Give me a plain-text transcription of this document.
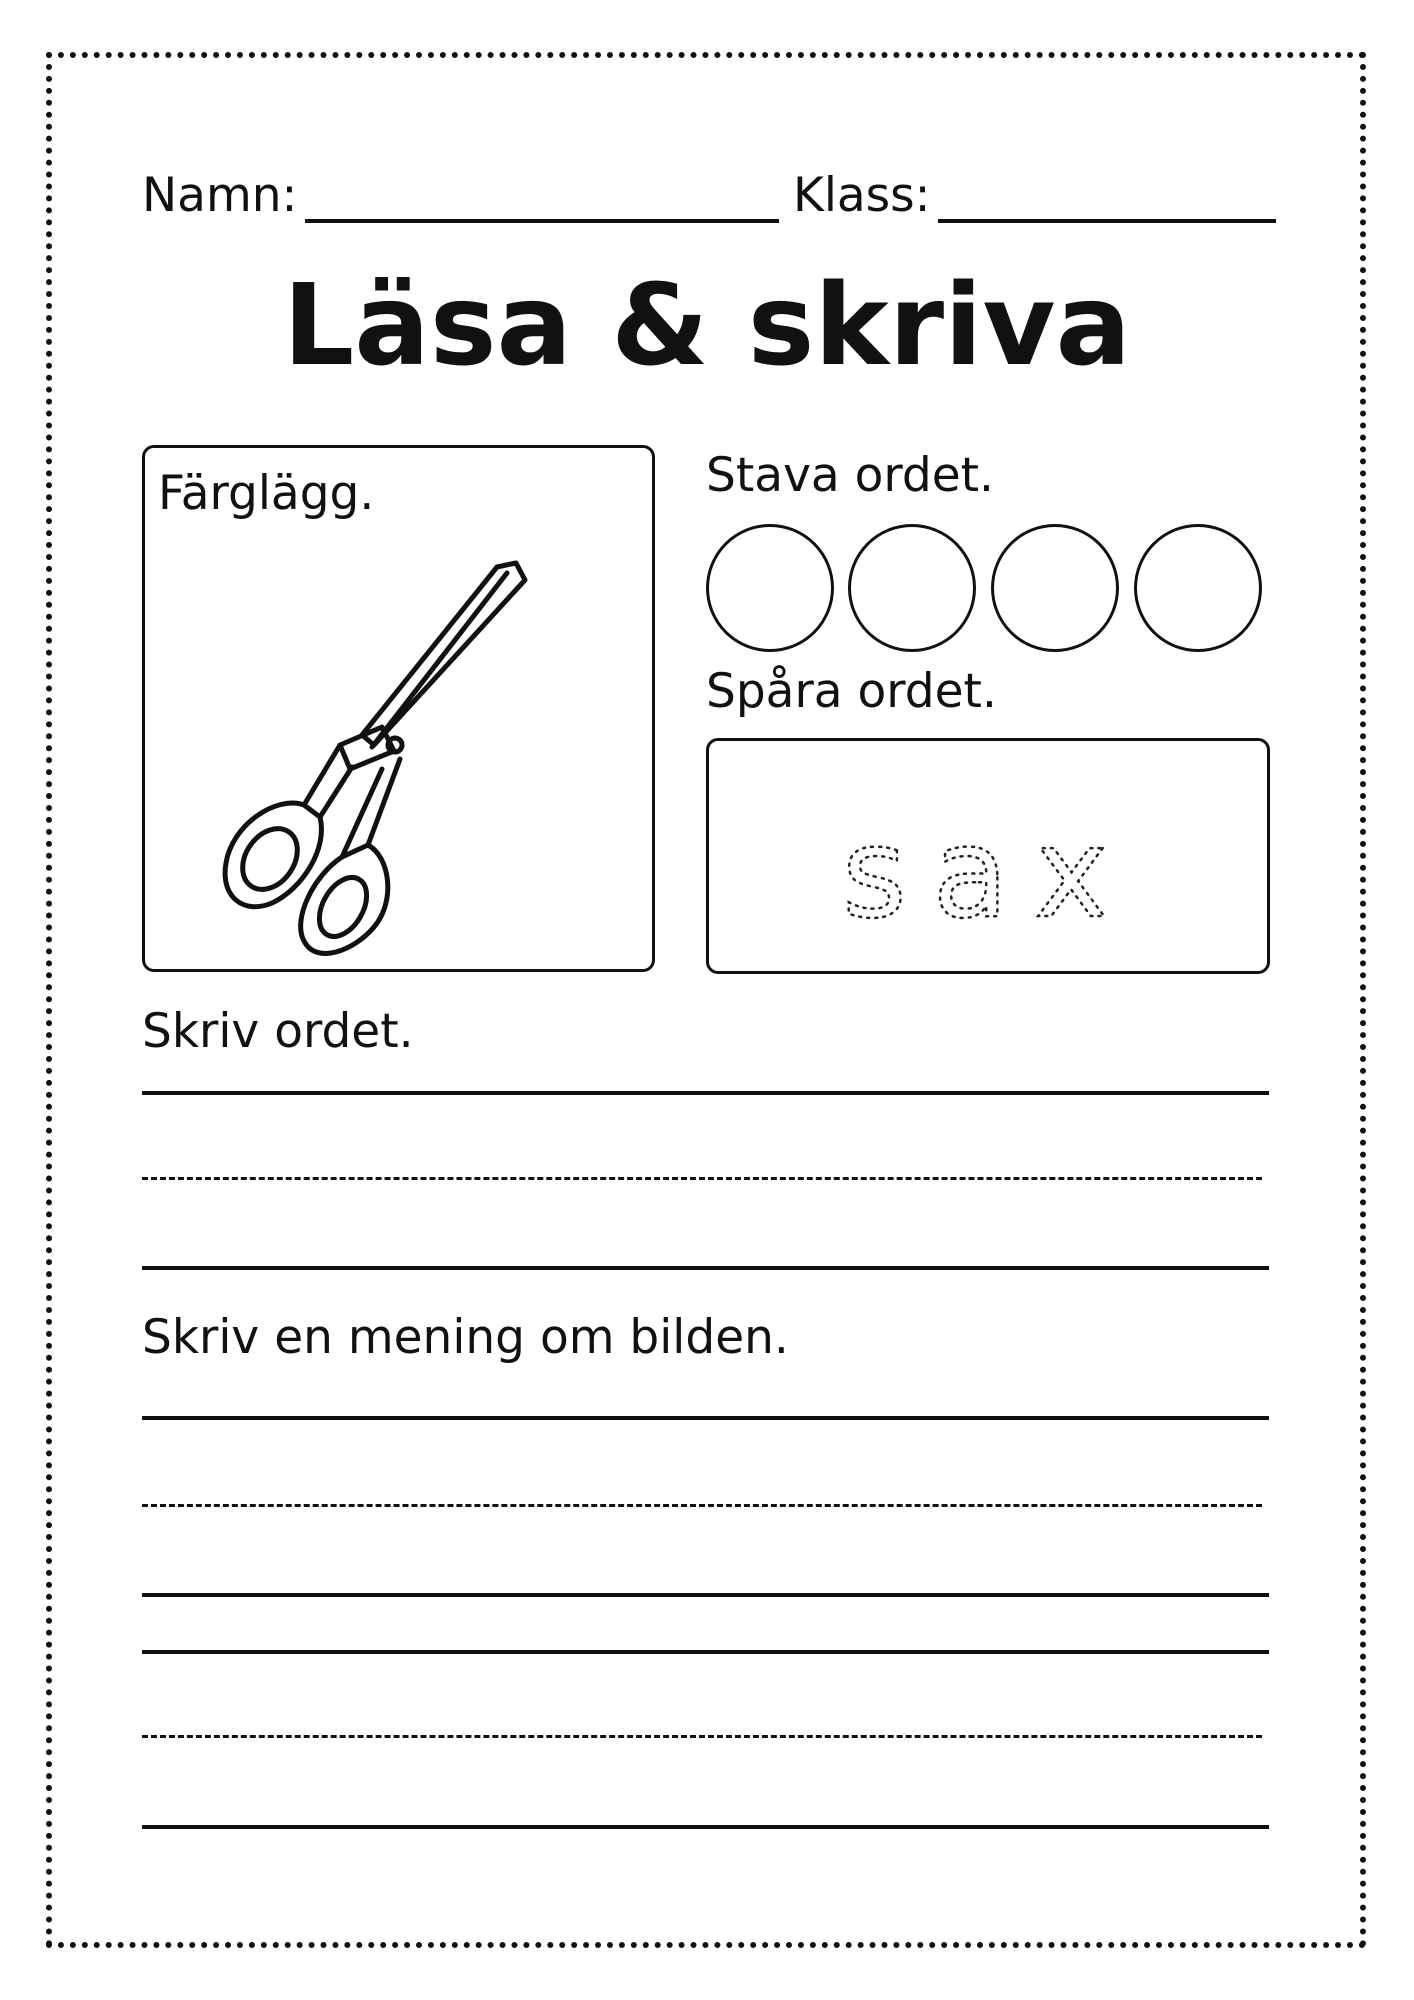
Namn:	Klass:
Läsa & skriva
Färglägg.	Stava ordet.
Spåra ordet.
sax
Skriv ordet.
Skriv en mening om bilden.
